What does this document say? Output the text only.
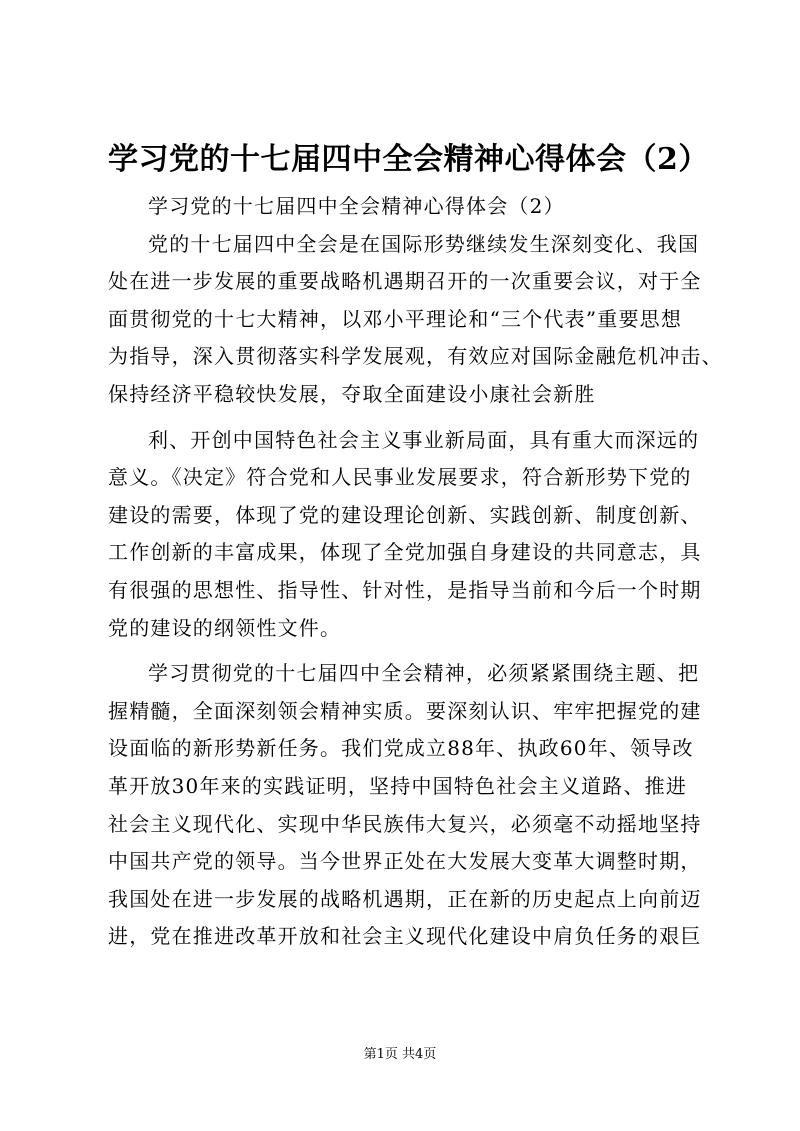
学习党的十七届四中全会精神心得体会（2）
学习党的十七届四中全会精神心得体会（2）
党的十七届四中全会是在国际形势继续发生深刻变化、我国
处在进一步发展的重要战略机遇期召开的一次重要会议，对于全
面贯彻党的十七大精神，以邓小平理论和“三个代表”重要思想
为指导，深入贯彻落实科学发展观，有效应对国际金融危机冲击、
保持经济平稳较快发展，夺取全面建设小康社会新胜
利、开创中国特色社会主义事业新局面，具有重大而深远的
意义。《决定》符合党和人民事业发展要求，符合新形势下党的
建设的需要，体现了党的建设理论创新、实践创新、制度创新、
工作创新的丰富成果，体现了全党加强自身建设的共同意志，具
有很强的思想性、指导性、针对性，是指导当前和今后一个时期
党的建设的纲领性文件。
学习贯彻党的十七届四中全会精神，必须紧紧围绕主题、把
握精髓，全面深刻领会精神实质。要深刻认识、牢牢把握党的建
设面临的新形势新任务。我们党成立88年、执政60年、领导改
革开放30年来的实践证明，坚持中国特色社会主义道路、推进
社会主义现代化、实现中华民族伟大复兴，必须毫不动摇地坚持
中国共产党的领导。当今世界正处在大发展大变革大调整时期，
我国处在进一步发展的战略机遇期，正在新的历史起点上向前迈
进，党在推进改革开放和社会主义现代化建设中肩负任务的艰巨
第1页 共4页
